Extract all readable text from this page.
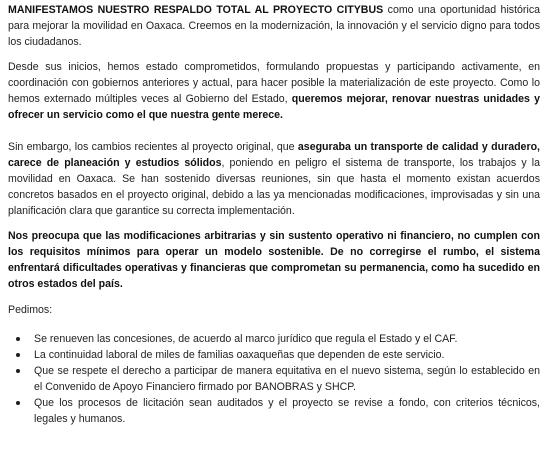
MANIFESTAMOS NUESTRO RESPALDO TOTAL AL PROYECTO CITYBUS como una oportunidad histórica para mejorar la movilidad en Oaxaca. Creemos en la modernización, la innovación y el servicio digno para todos los ciudadanos.

Desde sus inicios, hemos estado comprometidos, formulando propuestas y participando activamente, en coordinación con gobiernos anteriores y actual, para hacer posible la materialización de este proyecto. Como lo hemos externado múltiples veces al Gobierno del Estado, queremos mejorar, renovar nuestras unidades y ofrecer un servicio como el que nuestra gente merece.

Sin embargo, los cambios recientes al proyecto original, que aseguraba un transporte de calidad y duradero, carece de planeación y estudios sólidos, poniendo en peligro el sistema de transporte, los trabajos y la movilidad en Oaxaca. Se han sostenido diversas reuniones, sin que hasta el momento existan acuerdos concretos basados en el proyecto original, debido a las ya mencionadas modificaciones, improvisadas y sin una planificación clara que garantice su correcta implementación.

Nos preocupa que las modificaciones arbitrarias y sin sustento operativo ni financiero, no cumplen con los requisitos mínimos para operar un modelo sostenible. De no corregirse el rumbo, el sistema enfrentará dificultades operativas y financieras que comprometan su permanencia, como ha sucedido en otros estados del país.

Pedimos:

Se renueven las concesiones, de acuerdo al marco jurídico que regula el Estado y el CAF.
La continuidad laboral de miles de familias oaxaqueñas que dependen de este servicio.
Que se respete el derecho a participar de manera equitativa en el nuevo sistema, según lo establecido en el Convenido de Apoyo Financiero firmado por BANOBRAS y SHCP.
Que los procesos de licitación sean auditados y el proyecto se revise a fondo, con criterios técnicos, legales y humanos.
